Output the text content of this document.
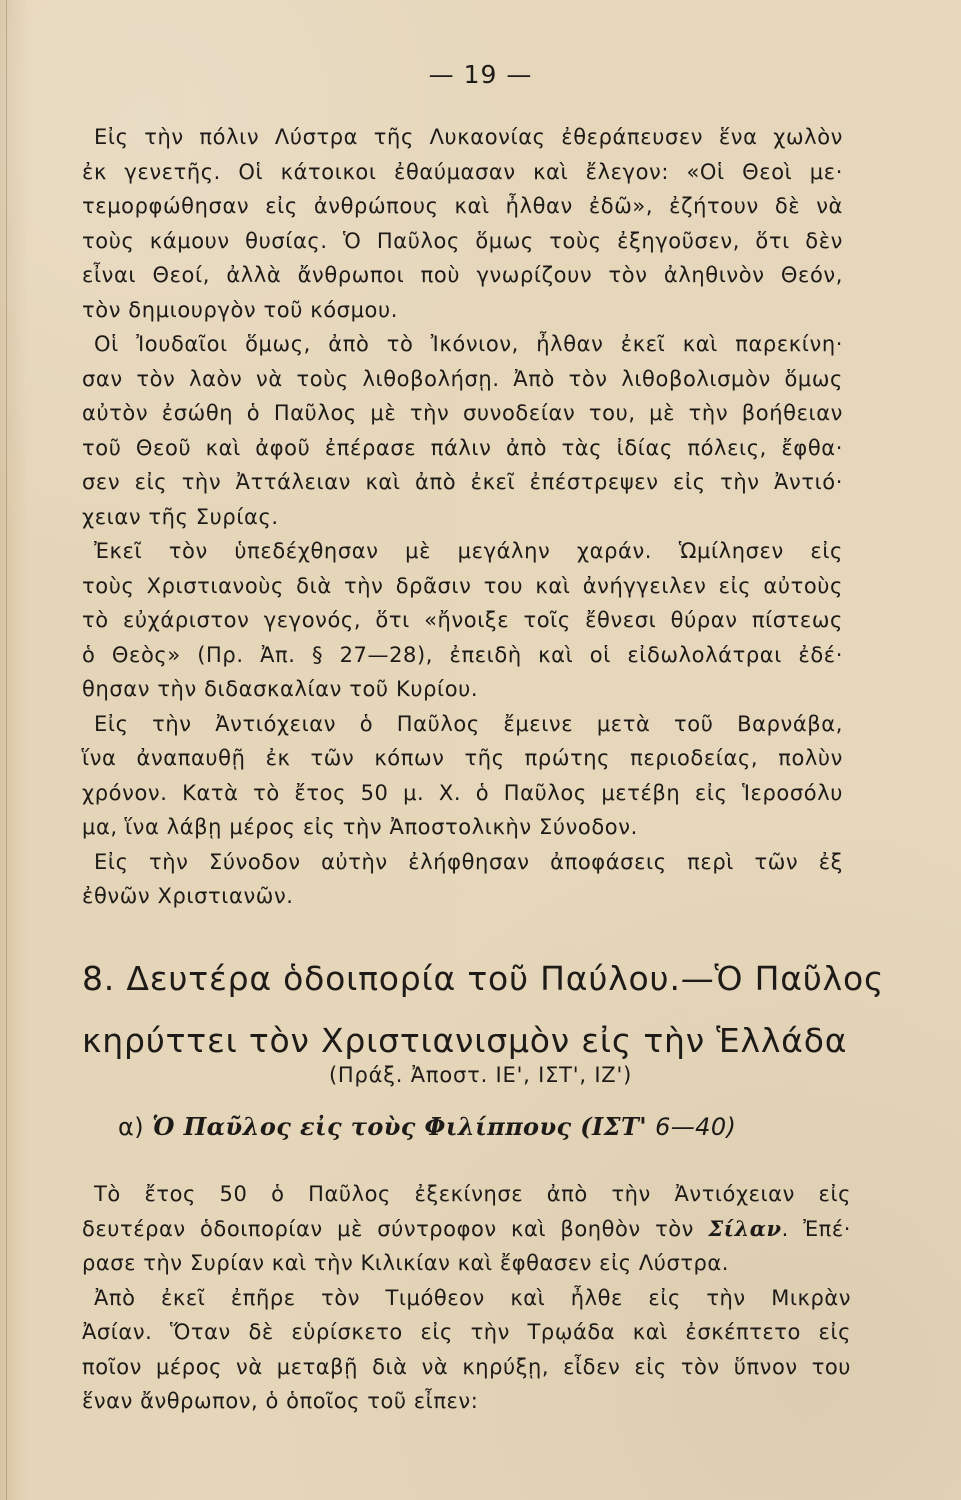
— 19 —
Εἰς τὴν πόλιν Λύστρα τῆς Λυκαονίας ἐθεράπευσεν ἕνα χωλὸν
ἐκ γενετῆς. Οἱ κάτοικοι ἐθαύμασαν καὶ ἔλεγον: «Οἱ Θεοὶ με·
τεμορφώθησαν εἰς ἀνθρώπους καὶ ἦλθαν ἐδῶ», ἐζήτουν δὲ νὰ
τοὺς κάμουν θυσίας. Ὁ Παῦλος ὅμως τοὺς ἐξηγοῦσεν, ὅτι δὲν
εἶναι Θεοί, ἀλλὰ ἄνθρωποι ποὺ γνωρίζουν τὸν ἀληθινὸν Θεόν,
τὸν δημιουργὸν τοῦ κόσμου.
Οἱ Ἰουδαῖοι ὅμως, ἀπὸ τὸ Ἰκόνιον, ἦλθαν ἐκεῖ καὶ παρεκίνη·
σαν τὸν λαὸν νὰ τοὺς λιθοβολήσῃ. Ἀπὸ τὸν λιθοβολισμὸν ὅμως
αὐτὸν ἐσώθη ὁ Παῦλος μὲ τὴν συνοδείαν του, μὲ τὴν βοήθειαν
τοῦ Θεοῦ καὶ ἀφοῦ ἐπέρασε πάλιν ἀπὸ τὰς ἰδίας πόλεις, ἔφθα·
σεν εἰς τὴν Ἀττάλειαν καὶ ἀπὸ ἐκεῖ ἐπέστρεψεν εἰς τὴν Ἀντιό·
χειαν τῆς Συρίας.
Ἐκεῖ τὸν ὑπεδέχθησαν μὲ μεγάλην χαράν. Ὡμίλησεν εἰς
τοὺς Χριστιανοὺς διὰ τὴν δρᾶσιν του καὶ ἀνήγγειλεν εἰς αὐτοὺς
τὸ εὐχάριστον γεγονός, ὅτι «ἤνοιξε τοῖς ἔθνεσι θύραν πίστεως
ὁ Θεὸς» (Πρ. Ἀπ. § 27—28), ἐπειδὴ καὶ οἱ εἰδωλολάτραι ἐδέ·
θησαν τὴν διδασκαλίαν τοῦ Κυρίου.
Εἰς τὴν Ἀντιόχειαν ὁ Παῦλος ἔμεινε μετὰ τοῦ Βαρνάβα,
ἵνα ἀναπαυθῇ ἐκ τῶν κόπων τῆς πρώτης περιοδείας, πολὺν
χρόνον. Κατὰ τὸ ἔτος 50 μ. Χ. ὁ Παῦλος μετέβη εἰς Ἱεροσόλυ
μα, ἵνα λάβῃ μέρος εἰς τὴν Ἀποστολικὴν Σύνοδον.
Εἰς τὴν Σύνοδον αὐτὴν ἐλήφθησαν ἀποφάσεις περὶ τῶν ἐξ
ἐθνῶν Χριστιανῶν.
8. Δευτέρα ὁδοιπορία τοῦ Παύλου.—Ὁ Παῦλος
κηρύττει τὸν Χριστιανισμὸν εἰς τὴν Ἑλλάδα
(Πράξ. Ἀποστ. ΙΕ', ΙΣΤ', ΙΖ')
α) Ὁ Παῦλος εἰς τοὺς Φιλίππους (ΙΣΤ' 6—40)
Τὸ ἔτος 50 ὁ Παῦλος ἐξεκίνησε ἀπὸ τὴν Ἀντιόχειαν εἰς
δευτέραν ὁδοιπορίαν μὲ σύντροφον καὶ βοηθὸν τὸν Σίλαν. Ἐπέ·
ρασε τὴν Συρίαν καὶ τὴν Κιλικίαν καὶ ἔφθασεν εἰς Λύστρα.
Ἀπὸ ἐκεῖ ἐπῆρε τὸν Τιμόθεον καὶ ἦλθε εἰς τὴν Μικρὰν
Ἀσίαν. Ὅταν δὲ εὑρίσκετο εἰς τὴν Τρῳάδα καὶ ἐσκέπτετο εἰς
ποῖον μέρος νὰ μεταβῇ διὰ νὰ κηρύξῃ, εἶδεν εἰς τὸν ὕπνον του
ἕναν ἄνθρωπον, ὁ ὁποῖος τοῦ εἶπεν:
